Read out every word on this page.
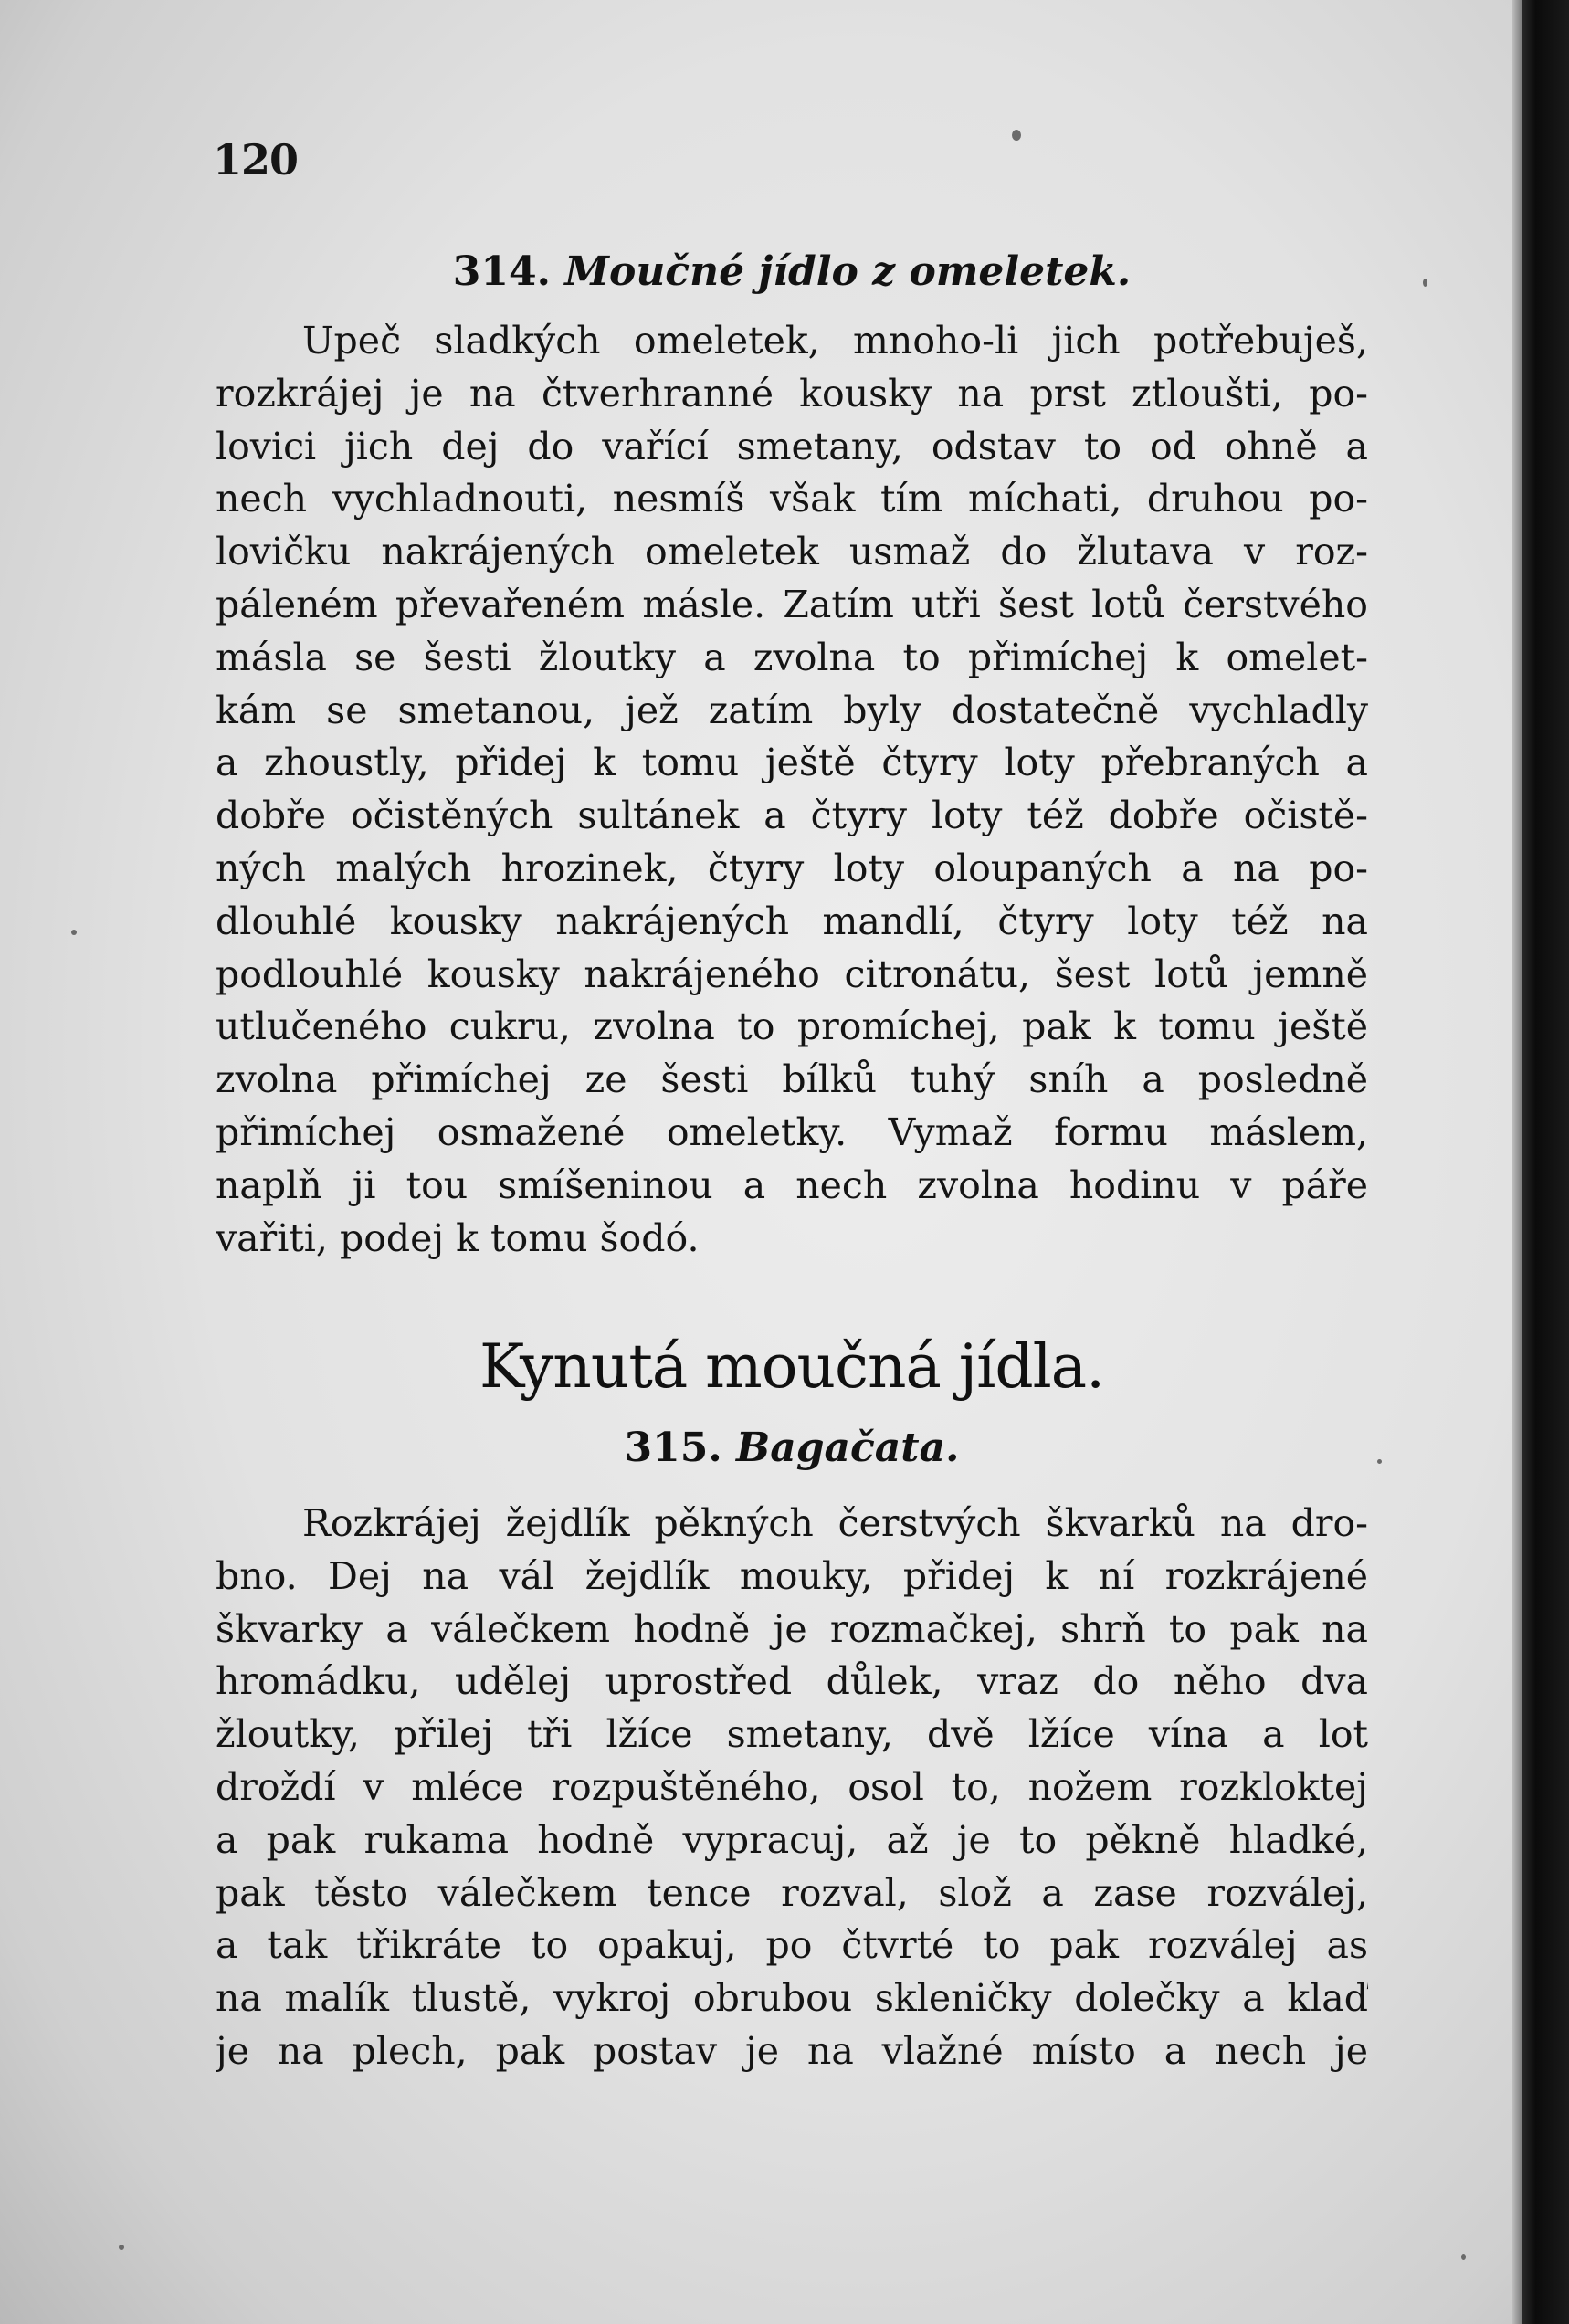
120
314. Moučné jídlo z omeletek.
Upeč sladkých omeletek, mnoho-li jich potřebuješ,
rozkrájej je na čtverhranné kousky na prst ztloušti, po-
lovici jich dej do vařící smetany, odstav to od ohně a
nech vychladnouti, nesmíš však tím míchati, druhou po-
lovičku nakrájených omeletek usmaž do žlutava v roz-
páleném převařeném másle. Zatím utři šest lotů čerstvého
másla se šesti žloutky a zvolna to přimíchej k omelet-
kám se smetanou, jež zatím byly dostatečně vychladly
a zhoustly, přidej k tomu ještě čtyry loty přebraných a
dobře očistěných sultánek a čtyry loty též dobře očistě-
ných malých hrozinek, čtyry loty oloupaných a na po-
dlouhlé kousky nakrájených mandlí, čtyry loty též na
podlouhlé kousky nakrájeného citronátu, šest lotů jemně
utlučeného cukru, zvolna to promíchej, pak k tomu ještě
zvolna přimíchej ze šesti bílků tuhý sníh a posledně
přimíchej osmažené omeletky. Vymaž formu máslem,
naplň ji tou smíšeninou a nech zvolna hodinu v páře
vařiti, podej k tomu šodó.
Kynutá moučná jídla.
315. Bagačata.
Rozkrájej žejdlík pěkných čerstvých škvarků na dro-
bno. Dej na vál žejdlík mouky, přidej k ní rozkrájené
škvarky a válečkem hodně je rozmačkej, shrň to pak na
hromádku, udělej uprostřed důlek, vraz do něho dva
žloutky, přilej tři lžíce smetany, dvě lžíce vína a lot
droždí v mléce rozpuštěného, osol to, nožem rozkloktej
a pak rukama hodně vypracuj, až je to pěkně hladké,
pak těsto válečkem tence rozval, slož a zase rozválej,
a tak třikráte to opakuj, po čtvrté to pak rozválej as
na malík tlustě, vykroj obrubou skleničky dolečky a klaď
je na plech, pak postav je na vlažné místo a nech je
